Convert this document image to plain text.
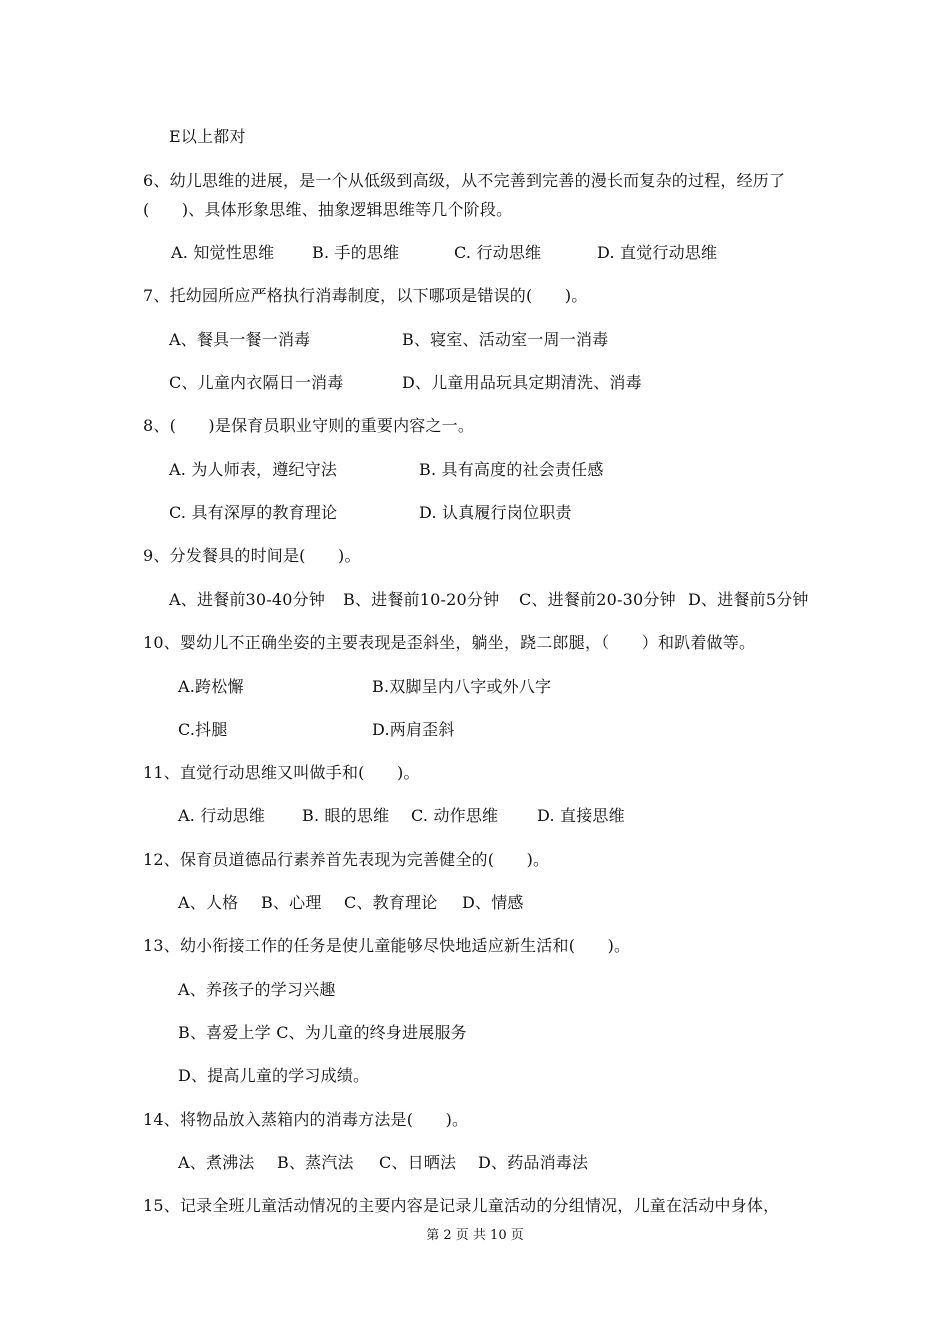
E以上都对
6、幼儿思维的进展，是一个从低级到高级，从不完善到完善的漫长而复杂的过程，经历了
(　　)、具体形象思维、抽象逻辑思维等几个阶段。
A. 知觉性思维 B. 手的思维	C. 行动思维	D. 直觉行动思维
7、托幼园所应严格执行消毒制度，以下哪项是错误的(　　)。
A、餐具一餐一消毒	B、寝室、活动室一周一消毒
C、儿童内衣隔日一消毒	D、儿童用品玩具定期清洗、消毒
8、(　　)是保育员职业守则的重要内容之一。
A. 为人师表，遵纪守法	B. 具有高度的社会责任感
C. 具有深厚的教育理论	D. 认真履行岗位职责
9、分发餐具的时间是(　　)。
A、进餐前30-40分钟 B、进餐前10-20分钟 C、进餐前20-30分钟 D、进餐前5分钟
10、婴幼儿不正确坐姿的主要表现是歪斜坐，躺坐，跷二郎腿，（　　）和趴着做等。
A.跨松懈	B.双脚呈内八字或外八字
C.抖腿	D.两肩歪斜
11、直觉行动思维又叫做手和(　　)。
A. 行动思维 B. 眼的思维 C. 动作思维 D. 直接思维
12、保育员道德品行素养首先表现为完善健全的(　　)。
A、人格 B、心理 C、教育理论 D、情感
13、幼小衔接工作的任务是使儿童能够尽快地适应新生活和(　　)。
A、养孩子的学习兴趣
B、喜爱上学 C、为儿童的终身进展服务
D、提高儿童的学习成绩。
14、将物品放入蒸箱内的消毒方法是(　　)。
A、煮沸法 B、蒸汽法 C、日晒法 D、药品消毒法
15、记录全班儿童活动情况的主要内容是记录儿童活动的分组情况，儿童在活动中身体，
第 2 页 共 10 页
